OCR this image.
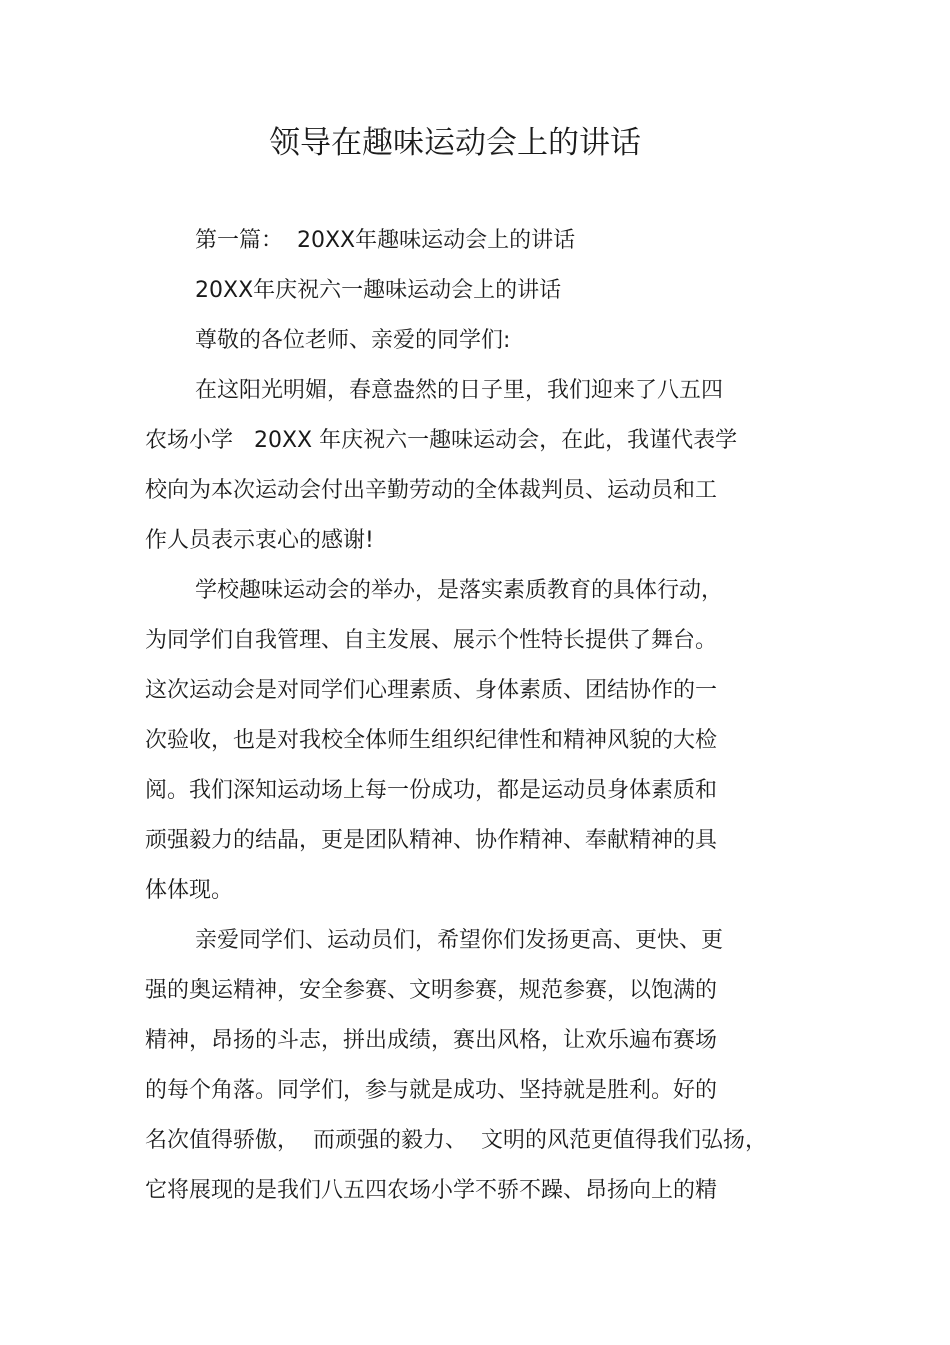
领导在趣味运动会上的讲话
第一篇：  20XX年趣味运动会上的讲话
20XX年庆祝六一趣味运动会上的讲话
尊敬的各位老师、亲爱的同学们:
在这阳光明媚，春意盎然的日子里，我们迎来了八五四
农场小学   20XX 年庆祝六一趣味运动会，在此，我谨代表学
校向为本次运动会付出辛勤劳动的全体裁判员、运动员和工
作人员表示衷心的感谢!
学校趣味运动会的举办，是落实素质教育的具体行动，
为同学们自我管理、自主发展、展示个性特长提供了舞台。
这次运动会是对同学们心理素质、身体素质、团结协作的一
次验收，也是对我校全体师生组织纪律性和精神风貌的大检
阅。我们深知运动场上每一份成功，都是运动员身体素质和
顽强毅力的结晶，更是团队精神、协作精神、奉献精神的具
体体现。
亲爱同学们、运动员们，希望你们发扬更高、更快、更
强的奥运精神，安全参赛、文明参赛，规范参赛，以饱满的
精神，昂扬的斗志，拼出成绩，赛出风格，让欢乐遍布赛场
的每个角落。同学们，参与就是成功、坚持就是胜利。好的
名次值得骄傲，  而顽强的毅力、  文明的风范更值得我们弘扬，
它将展现的是我们八五四农场小学不骄不躁、昂扬向上的精
